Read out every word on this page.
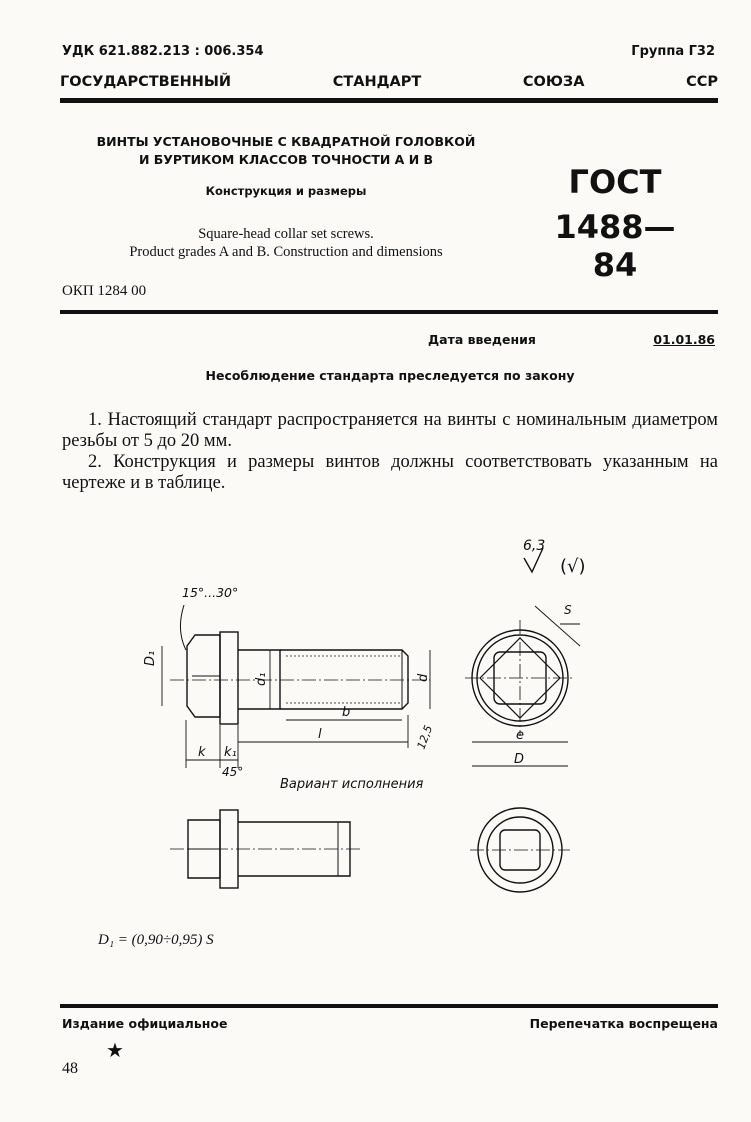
УДК 621.882.213 : 006.354	Группа Г32
ГОСУДАРСТВЕННЫЙ	СТАНДАРТ	СОЮЗА	ССР
ВИНТЫ УСТАНОВОЧНЫЕ С КВАДРАТНОЙ ГОЛОВКОЙ
И БУРТИКОМ КЛАССОВ ТОЧНОСТИ А И В
Конструкция и размеры
Square-head collar set screws.
Product grades A and B. Construction and dimensions
ГОСТ
1488—84
ОКП 1284 00
Дата введения	01.01.86
Несоблюдение стандарта преследуется по закону

1. Настоящий стандарт распространяется на винты с номинальным диаметром резьбы от 5 до 20 мм.

2. Конструкция и размеры винтов должны соответствовать указанным на чертеже и в таблице.

6,3
(√)
15°...30°
D₁
d₁	d
b
l
k k₁
12,5	e
D
S
45°
Вариант исполнения
D₁ = (0,90÷0,95) S
Издание официальное	Перепечатка воспрещена
★
48
